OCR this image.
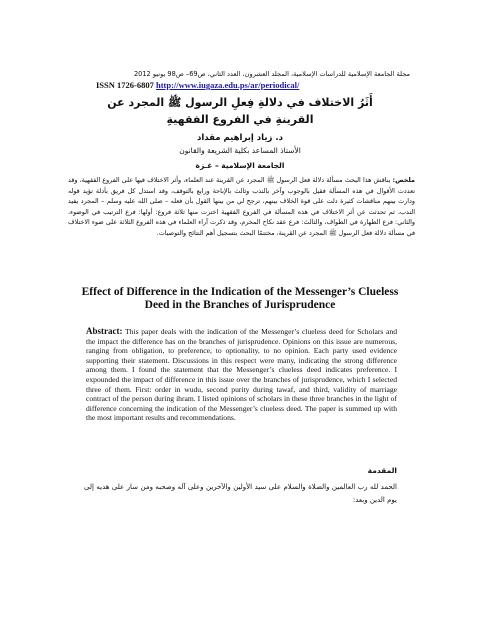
مجلة الجامعة الإسلامية للدراسات الإسلامية، المجلد العشرون، العدد الثاني، ص69– ص98 يونيو 2012
ISSN 1726-6807 http://www.iugaza.edu.ps/ar/periodical/
أَثَرُ الاختلاف في دلالةِ فِعلِ الرسول ﷺ المجرد عن القرينةِ في الفروع الفقهيةِ
د. زياد إبراهيم مقداد
الأستاذ المساعد بكلية الشريعة والقانون
الجامعة الإسلامية – غـزة
ملخص: يناقش هذا البحث مسألة دلالة فعل الرسول ﷺ المجرد عن القرينة عند العلماء، وأثر الاختلاف فيها على الفروع الفقهية، وقد تعددت الأقوال في هذه المسألة فقيل بالوجوب وآخر بالندب وثالث بالإباحة ورابع بالتوقف، وقد استدل كل فريق بأدلة تؤيد قوله ودارت بينهم مناقشات كثيرة دلت على قوة الخلاف بينهم، ترجح لي من بينها القول بأن فعله – صلى الله عليه وسلم – المجرد يفيد الندب، ثم تحدثت عن أثر الاختلاف في هذه المسألة في الفروع الفقهية اخترت منها ثلاثة فروع: أولها: فرع الترتيب في الوضوء، والثاني: فرع الطهارة في الطواف، والثالث: فرع عقد نكاح المحرم، وقد ذكرت آراء العلماء في هذه الفروع الثلاثة على ضوء الاختلاف في مسألة دلالة فعل الرسول ﷺ المجرد عن القرينة، مختتمًا البحث بتسجيل أهم النتائج والتوصيات.
Effect of Difference in the Indication of the Messenger’s Clueless Deed in the Branches of Jurisprudence
Abstract: This paper deals with the indication of the Messenger’s clueless deed for Scholars and the impact the difference has on the branches of jurisprudence. Opinions on this issue are numerous, ranging from obligation, to preference, to optionality, to no opinion. Each party used evidence supporting their statement. Discussions in this respect were many, indicating the strong difference among them. I found the statement that the Messenger’s clueless deed indicates preference. I expounded the impact of difference in this issue over the branches of jurisprudence, which I selected three of them. First: order in wudu, second purity during tawaf, and third, validity of marriage contract of the person during ihram. I listed opinions of scholars in these three branches in the light of difference concerning the indication of the Messenger’s clueless deed. The paper is summed up with the most important results and recommendations.
المقدمة
الحمد لله رب العالمين والصلاة والسلام على سيد الأولين والآخرين وعلى آله وصحبه ومن سار على هديه إلى يوم الدين وبعد:
